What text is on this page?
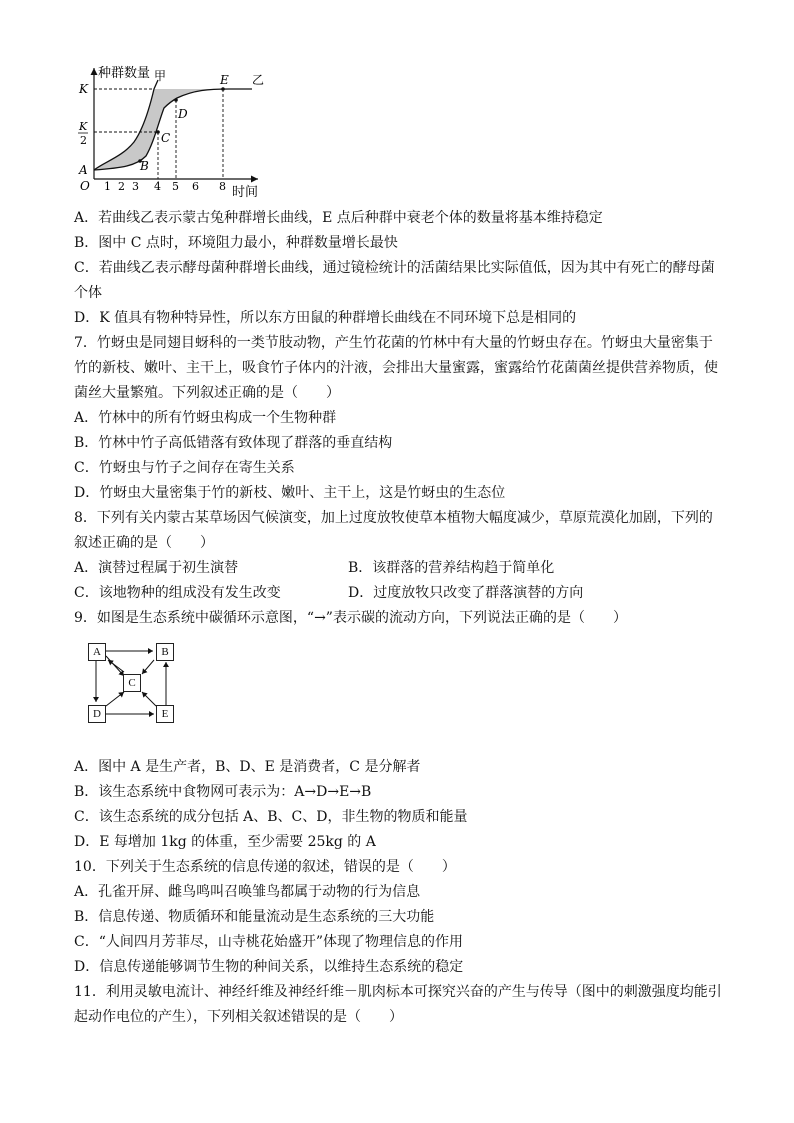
种群数量
时间
K
K
2
A
O
B
C
D
E
甲	乙
1 2 3 4 5 6 8
A．若曲线乙表示蒙古兔种群增长曲线，E 点后种群中衰老个体的数量将基本维持稳定
B．图中 C 点时，环境阻力最小，种群数量增长最快
C．若曲线乙表示酵母菌种群增长曲线，通过镜检统计的活菌结果比实际值低，因为其中有死亡的酵母菌
个体
D．K 值具有物种特异性，所以东方田鼠的种群增长曲线在不同环境下总是相同的
7．竹蚜虫是同翅目蚜科的一类节肢动物，产生竹花菌的竹林中有大量的竹蚜虫存在。竹蚜虫大量密集于
竹的新枝、嫩叶、主干上，吸食竹子体内的汁液，会排出大量蜜露，蜜露给竹花菌菌丝提供营养物质，使
菌丝大量繁殖。下列叙述正确的是（　　）
A．竹林中的所有竹蚜虫构成一个生物种群
B．竹林中竹子高低错落有致体现了群落的垂直结构
C．竹蚜虫与竹子之间存在寄生关系
D．竹蚜虫大量密集于竹的新枝、嫩叶、主干上，这是竹蚜虫的生态位
8．下列有关内蒙古某草场因气候演变，加上过度放牧使草本植物大幅度减少，草原荒漠化加剧，下列的
叙述正确的是（　　）
A．演替过程属于初生演替	B．该群落的营养结构趋于简单化
C．该地物种的组成没有发生改变	D．过度放牧只改变了群落演替的方向
9．如图是生态系统中碳循环示意图，“→”表示碳的流动方向，下列说法正确的是（　　）
A	B
C
D	E
A．图中 A 是生产者，B、D、E 是消费者，C 是分解者
B．该生态系统中食物网可表示为：A→D→E→B
C．该生态系统的成分包括 A、B、C、D，非生物的物质和能量
D．E 每增加 1kg 的体重，至少需要 25kg 的 A
10．下列关于生态系统的信息传递的叙述，错误的是（　　）
A．孔雀开屏、雌鸟鸣叫召唤雏鸟都属于动物的行为信息
B．信息传递、物质循环和能量流动是生态系统的三大功能
C．“人间四月芳菲尽，山寺桃花始盛开”体现了物理信息的作用
D．信息传递能够调节生物的种间关系，以维持生态系统的稳定
11．利用灵敏电流计、神经纤维及神经纤维－肌肉标本可探究兴奋的产生与传导（图中的刺激强度均能引
起动作电位的产生），下列相关叙述错误的是（　　）
